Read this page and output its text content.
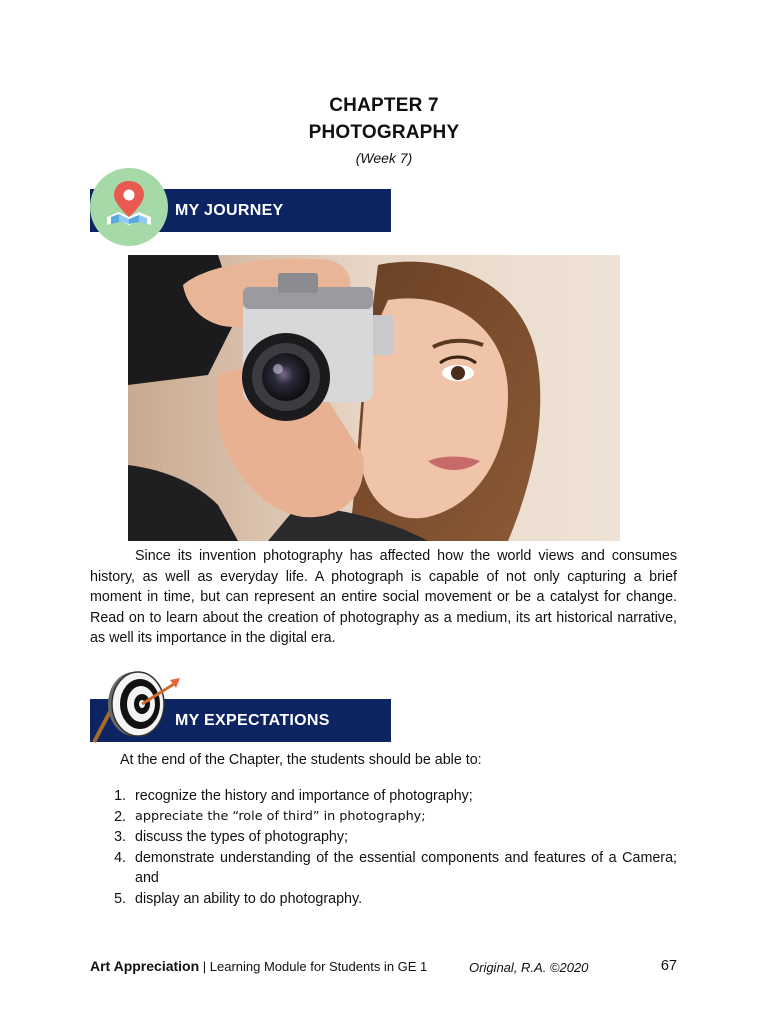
CHAPTER 7
PHOTOGRAPHY
(Week 7)
MY JOURNEY

Since its invention photography has affected how the world views and consumes history, as well as everyday life. A photograph is capable of not only capturing a brief moment in time, but can represent an entire social movement or be a catalyst for change. Read on to learn about the creation of photography as a medium, its art historical narrative, as well its importance in the digital era.

MY EXPECTATIONS

At the end of the Chapter, the students should be able to:

1. recognize the history and importance of photography;
2. appreciate the “role of third” in photography;
3. discuss the types of photography;
4. demonstrate understanding of the essential components and features of a Camera; and
5. display an ability to do photography.
Art Appreciation | Learning Module for Students in GE 1	Original, R.A. ©2020	67
